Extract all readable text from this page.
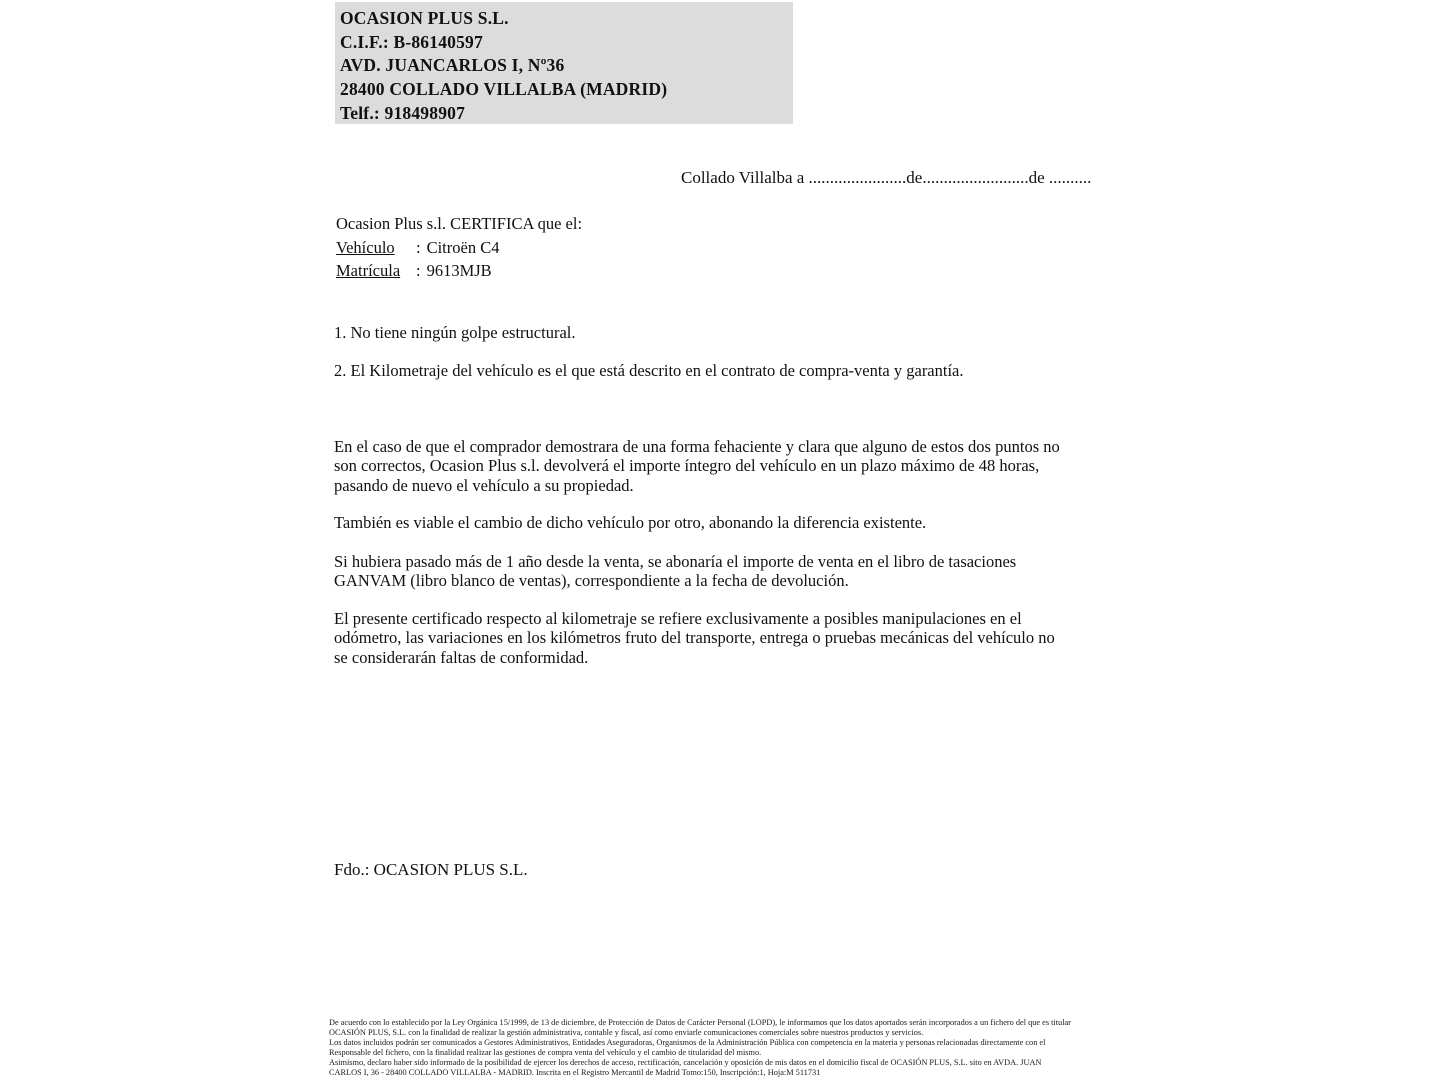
OCASION PLUS S.L.
C.I.F.: B-86140597
AVD. JUANCARLOS I, Nº36
28400 COLLADO VILLALBA (MADRID)
Telf.: 918498907
Collado Villalba a .......................de.........................de ..........
Ocasion Plus s.l. CERTIFICA que el:
Vehículo : Citroën C4
Matrícula : 9613MJB
1. No tiene ningún golpe estructural.
2. El Kilometraje del vehículo es el que está descrito en el contrato de compra-venta y garantía.
En el caso de que el comprador demostrara de una forma fehaciente y clara que alguno de estos dos puntos no
son correctos, Ocasion Plus s.l. devolverá el importe íntegro del vehículo en un plazo máximo de 48 horas,
pasando de nuevo el vehículo a su propiedad.
También es viable el cambio de dicho vehículo por otro, abonando la diferencia existente.
Si hubiera pasado más de 1 año desde la venta, se abonaría el importe de venta en el libro de tasaciones
GANVAM (libro blanco de ventas), correspondiente a la fecha de devolución.
El presente certificado respecto al kilometraje se refiere exclusivamente a posibles manipulaciones en el
odómetro, las variaciones en los kilómetros fruto del transporte, entrega o pruebas mecánicas del vehículo no
se considerarán faltas de conformidad.
Fdo.: OCASION PLUS S.L.
De acuerdo con lo establecido por la Ley Orgánica 15/1999, de 13 de diciembre, de Protección de Datos de Carácter Personal (LOPD), le informamos que los datos aportados serán incorporados a un fichero del que es titular
OCASIÓN PLUS, S.L. con la finalidad de realizar la gestión administrativa, contable y fiscal, así como enviarle comunicaciones comerciales sobre nuestros productos y servicios.
Los datos incluidos podrán ser comunicados a Gestores Administrativos, Entidades Aseguradoras, Organismos de la Administración Pública con competencia en la materia y personas relacionadas directamente con el
Responsable del fichero, con la finalidad realizar las gestiones de compra venta del vehículo y el cambio de titularidad del mismo.
Asimismo, declaro haber sido informado de la posibilidad de ejercer los derechos de acceso, rectificación, cancelación y oposición de mis datos en el domicilio fiscal de OCASIÓN PLUS, S.L. sito en AVDA. JUAN
CARLOS I, 36 - 28400 COLLADO VILLALBA - MADRID. Inscrita en el Registro Mercantil de Madrid Tomo:150, Inscripción:1, Hoja:M 511731
